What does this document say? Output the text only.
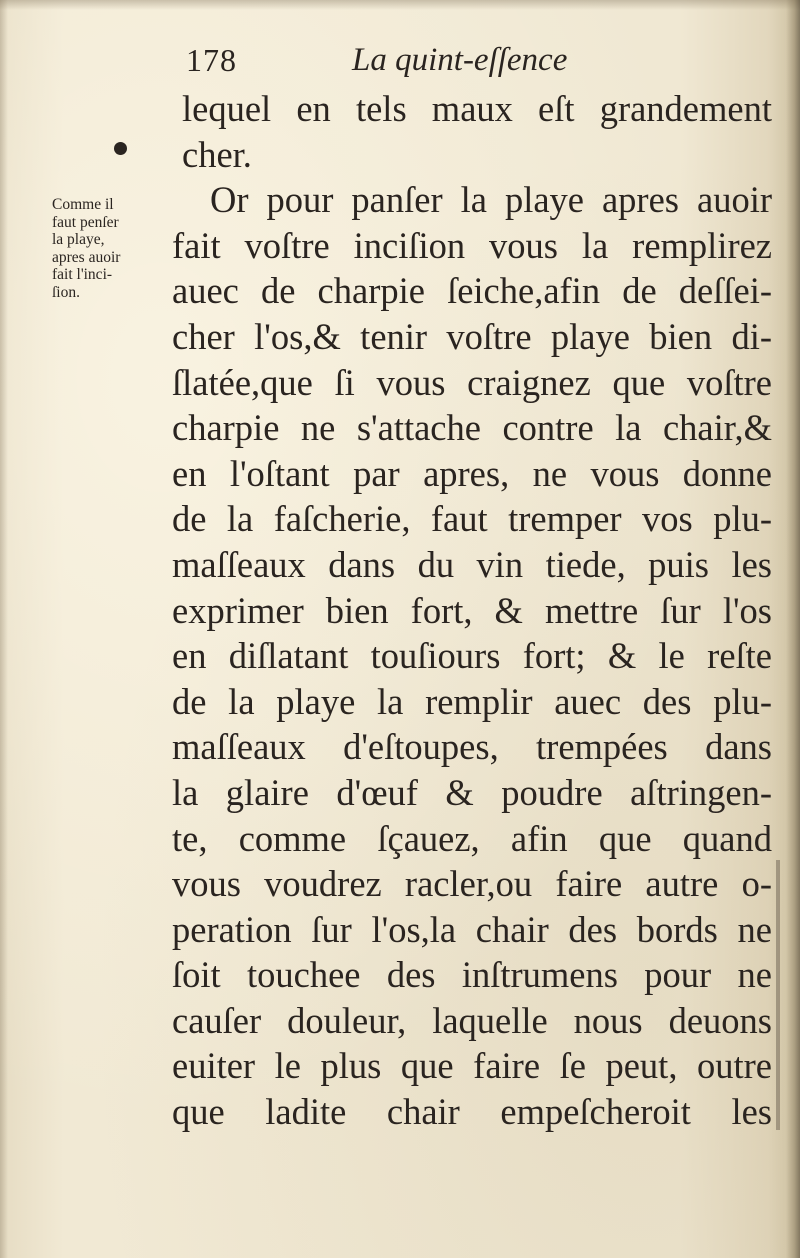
178	La quint-eſſence
Comme il
faut penſer
la playe,
apres auoir
fait l'inci-
ſion.
lequel en tels maux eſt grandement
cher.
Or pour panſer la playe apres auoir
fait voſtre inciſion vous la remplirez
auec de charpie ſeiche,afin de deſſei-
cher l'os,& tenir voſtre playe bien di-
ſlatée,que ſi vous craignez que voſtre
charpie ne s'attache contre la chair,&
en l'oſtant par apres, ne vous donne
de la faſcherie, faut tremper vos plu-
maſſeaux dans du vin tiede, puis les
exprimer bien fort, & mettre ſur l'os
en diſlatant touſiours fort; & le reſte
de la playe la remplir auec des plu-
maſſeaux d'eſtoupes, trempées dans
la glaire d'œuf & poudre aſtringen-
te, comme ſçauez, afin que quand
vous voudrez racler,ou faire autre o-
peration ſur l'os,la chair des bords ne
ſoit touchee des inſtrumens pour ne
cauſer douleur, laquelle nous deuons
euiter le plus que faire ſe peut, outre
que ladite chair empeſcheroit les
